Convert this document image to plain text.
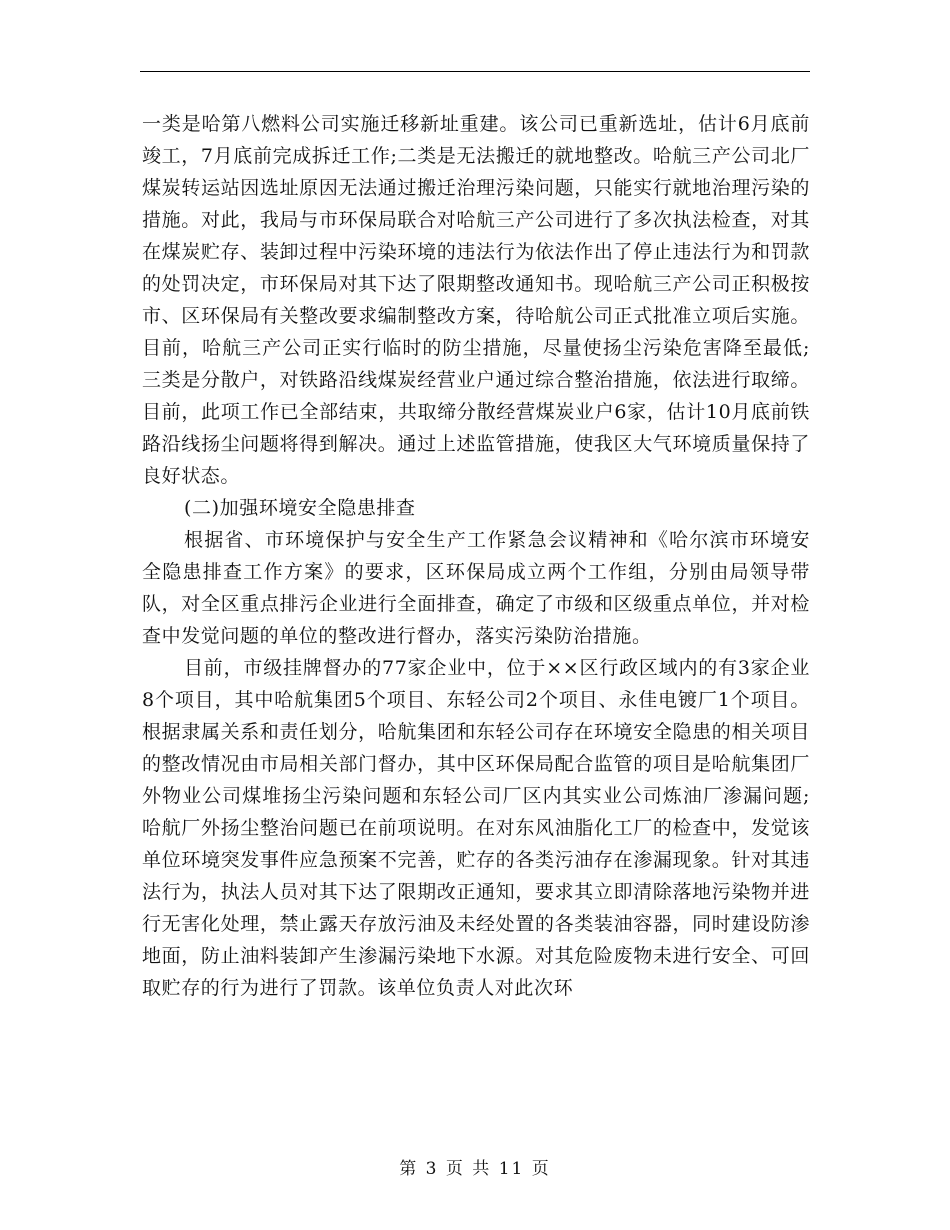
一类是哈第八燃料公司实施迁移新址重建。该公司已重新选址，估计6月底前竣工，7月底前完成拆迁工作;二类是无法搬迁的就地整改。哈航三产公司北厂煤炭转运站因选址原因无法通过搬迁治理污染问题，只能实行就地治理污染的措施。对此，我局与市环保局联合对哈航三产公司进行了多次执法检查，对其在煤炭贮存、装卸过程中污染环境的违法行为依法作出了停止违法行为和罚款的处罚决定，市环保局对其下达了限期整改通知书。现哈航三产公司正积极按市、区环保局有关整改要求编制整改方案，待哈航公司正式批准立项后实施。目前，哈航三产公司正实行临时的防尘措施，尽量使扬尘污染危害降至最低;三类是分散户，对铁路沿线煤炭经营业户通过综合整治措施，依法进行取缔。目前，此项工作已全部结束，共取缔分散经营煤炭业户6家，估计10月底前铁路沿线扬尘问题将得到解决。通过上述监管措施，使我区大气环境质量保持了良好状态。

(二)加强环境安全隐患排查

根据省、市环境保护与安全生产工作紧急会议精神和《哈尔滨市环境安全隐患排查工作方案》的要求，区环保局成立两个工作组，分别由局领导带队，对全区重点排污企业进行全面排查，确定了市级和区级重点单位，并对检查中发觉问题的单位的整改进行督办，落实污染防治措施。

目前，市级挂牌督办的77家企业中，位于××区行政区域内的有3家企业8个项目，其中哈航集团5个项目、东轻公司2个项目、永佳电镀厂1个项目。根据隶属关系和责任划分，哈航集团和东轻公司存在环境安全隐患的相关项目的整改情况由市局相关部门督办，其中区环保局配合监管的项目是哈航集团厂外物业公司煤堆扬尘污染问题和东轻公司厂区内其实业公司炼油厂渗漏问题;哈航厂外扬尘整治问题已在前项说明。在对东风油脂化工厂的检查中，发觉该单位环境突发事件应急预案不完善，贮存的各类污油存在渗漏现象。针对其违法行为，执法人员对其下达了限期改正通知，要求其立即清除落地污染物并进行无害化处理，禁止露天存放污油及未经处置的各类装油容器，同时建设防渗地面，防止油料装卸产生渗漏污染地下水源。对其危险废物未进行安全、可回取贮存的行为进行了罚款。该单位负责人对此次环

第 3 页 共 11 页
